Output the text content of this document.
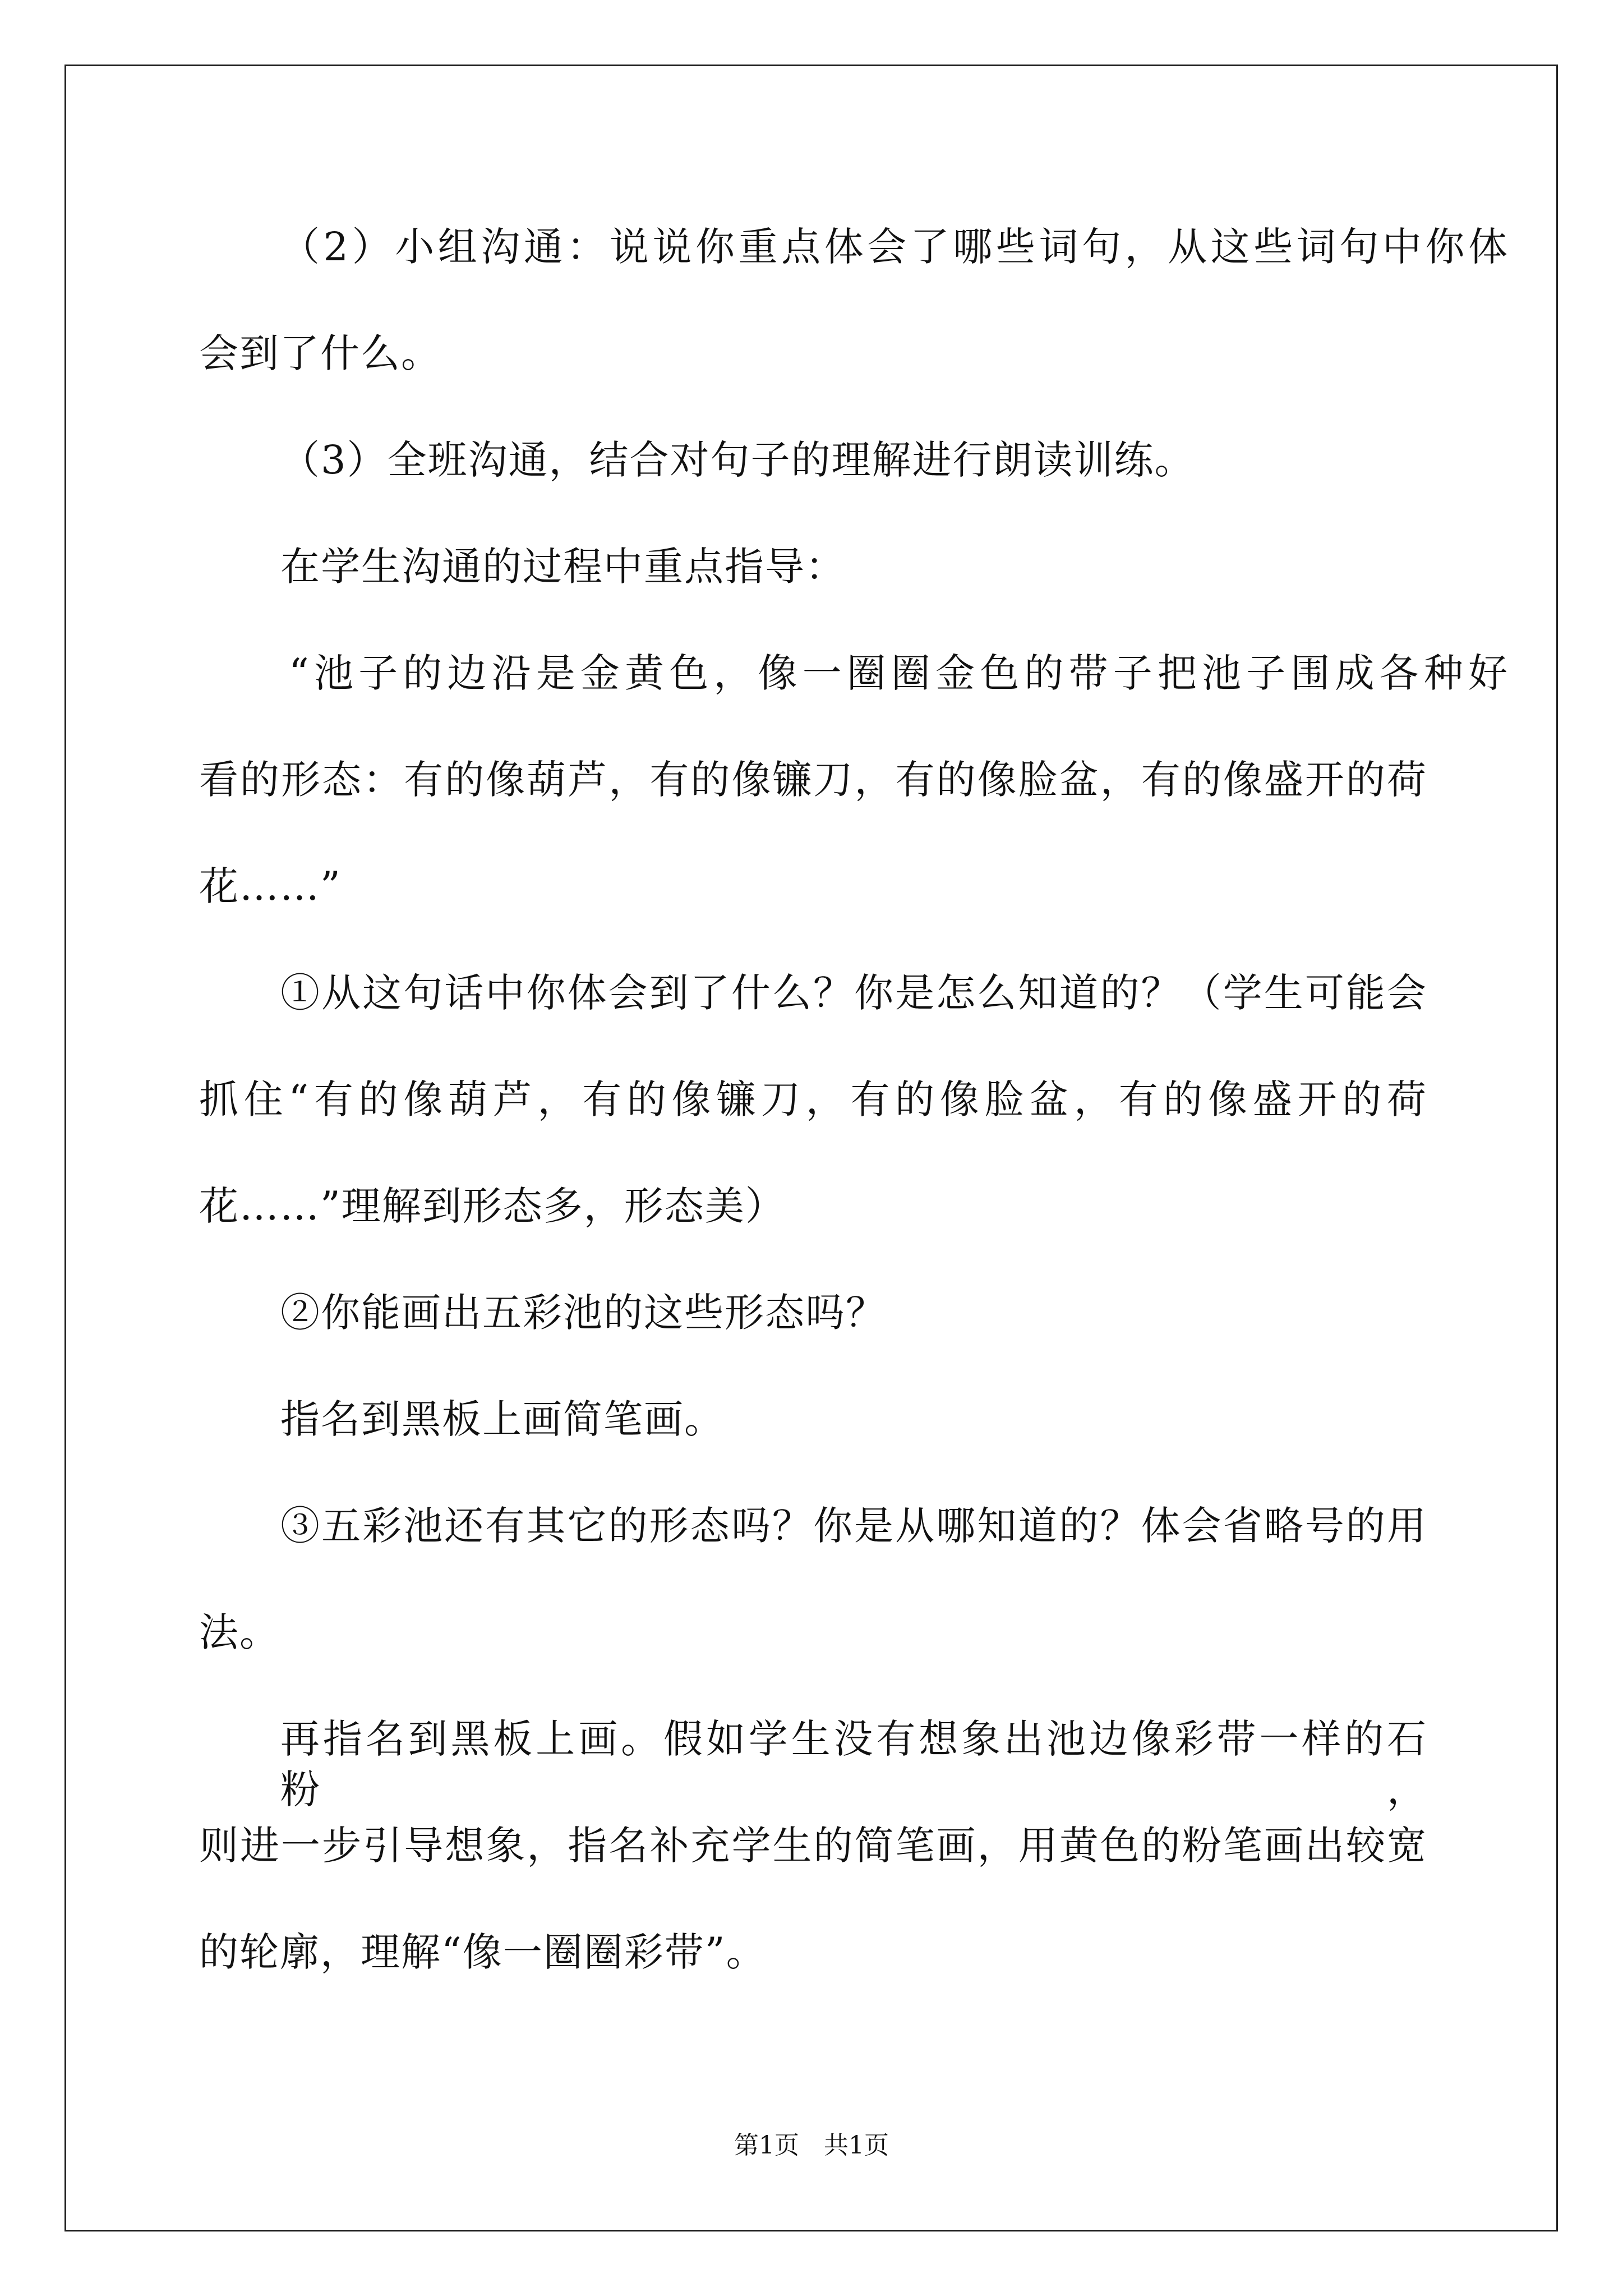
（2）小组沟通：说说你重点体会了哪些词句，从这些词句中你体
会到了什么。
（3）全班沟通，结合对句子的理解进行朗读训练。
在学生沟通的过程中重点指导：
“池子的边沿是金黄色，像一圈圈金色的带子把池子围成各种好
看的形态：有的像葫芦，有的像镰刀，有的像脸盆，有的像盛开的荷
花……”
①从这句话中你体会到了什么？你是怎么知道的？（学生可能会
抓住“有的像葫芦，有的像镰刀，有的像脸盆，有的像盛开的荷
花……”理解到形态多，形态美）
②你能画出五彩池的这些形态吗？
指名到黑板上画简笔画。
③五彩池还有其它的形态吗？你是从哪知道的？体会省略号的用
法。
再指名到黑板上画。假如学生没有想象出池边像彩带一样的石粉，
则进一步引导想象，指名补充学生的简笔画，用黄色的粉笔画出较宽
的轮廓，理解“像一圈圈彩带”。
第1页　共1页
